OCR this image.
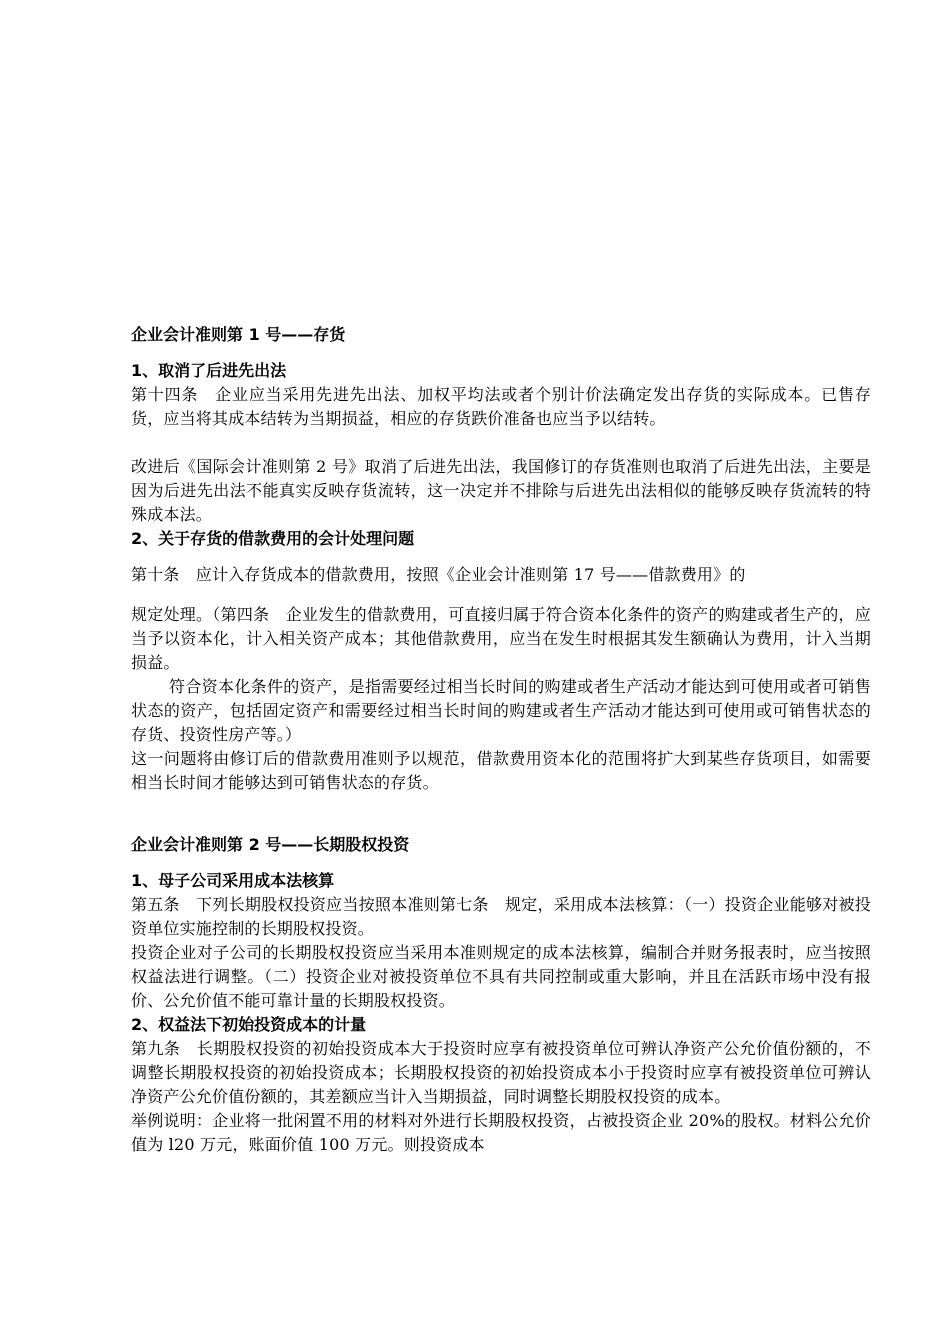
企业会计准则第 1 号——存货
1、取消了后进先出法

第十四条　企业应当采用先进先出法、加权平均法或者个别计价法确定发出存货的实际成本。已售存货，应当将其成本结转为当期损益，相应的存货跌价准备也应当予以结转。

改进后《国际会计准则第 2 号》取消了后进先出法，我国修订的存货准则也取消了后进先出法，主要是因为后进先出法不能真实反映存货流转，这一决定并不排除与后进先出法相似的能够反映存货流转的特殊成本法。

2、关于存货的借款费用的会计处理问题

第十条　应计入存货成本的借款费用，按照《企业会计准则第 17 号——借款费用》的

规定处理。（第四条　企业发生的借款费用，可直接归属于符合资本化条件的资产的购建或者生产的，应当予以资本化，计入相关资产成本；其他借款费用，应当在发生时根据其发生额确认为费用，计入当期损益。

符合资本化条件的资产，是指需要经过相当长时间的购建或者生产活动才能达到可使用或者可销售状态的资产，包括固定资产和需要经过相当长时间的购建或者生产活动才能达到可使用或可销售状态的存货、投资性房产等。）

这一问题将由修订后的借款费用准则予以规范，借款费用资本化的范围将扩大到某些存货项目，如需要相当长时间才能够达到可销售状态的存货。

企业会计准则第 2 号——长期股权投资
1、母子公司采用成本法核算

第五条　下列长期股权投资应当按照本准则第七条　规定，采用成本法核算：（一）投资企业能够对被投资单位实施控制的长期股权投资。

投资企业对子公司的长期股权投资应当采用本准则规定的成本法核算，编制合并财务报表时，应当按照权益法进行调整。（二）投资企业对被投资单位不具有共同控制或重大影响，并且在活跃市场中没有报价、公允价值不能可靠计量的长期股权投资。

2、权益法下初始投资成本的计量

第九条　长期股权投资的初始投资成本大于投资时应享有被投资单位可辨认净资产公允价值份额的，不调整长期股权投资的初始投资成本；长期股权投资的初始投资成本小于投资时应享有被投资单位可辨认净资产公允价值份额的，其差额应当计入当期损益，同时调整长期股权投资的成本。

举例说明：企业将一批闲置不用的材料对外进行长期股权投资，占被投资企业 20%的股权。材料公允价值为 l20 万元，账面价值 100 万元。则投资成本
